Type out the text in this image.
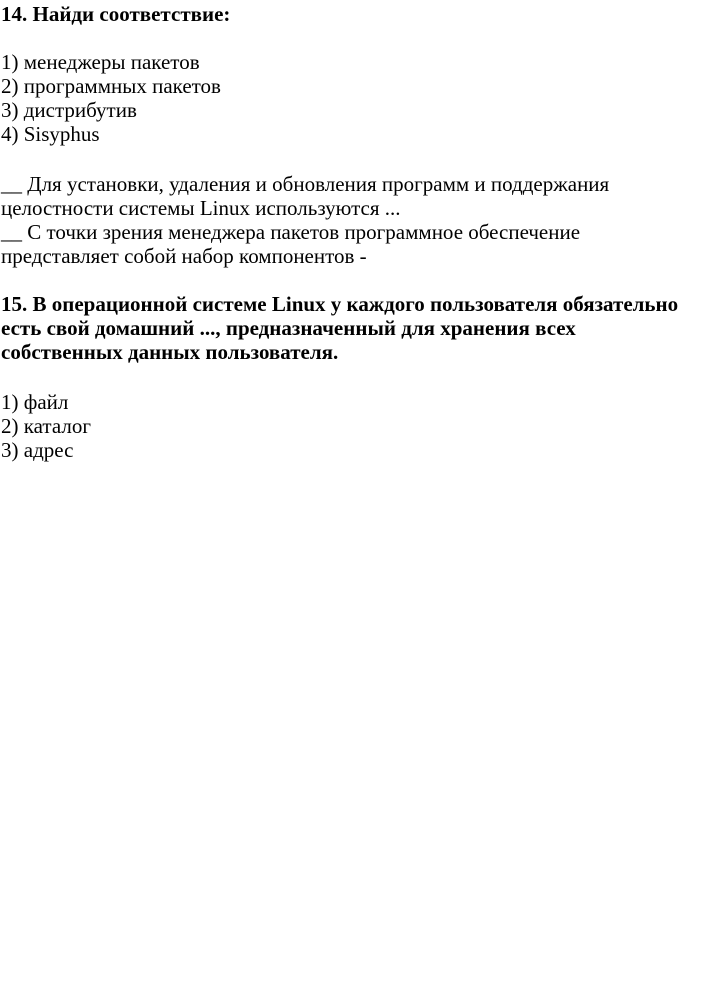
14. Найди соответствие:
1) менеджеры пакетов
2) программных пакетов
3) дистрибутив
4) Sisyphus
__ Для установки, удаления и обновления программ и поддержания
целостности системы Linux используются ...
__ С точки зрения менеджера пакетов программное обеспечение
представляет собой набор компонентов -
15. В операционной системе Linux у каждого пользователя обязательно
есть свой домашний ..., предназначенный для хранения всех
собственных данных пользователя.
1) файл
2) каталог
3) адрес
